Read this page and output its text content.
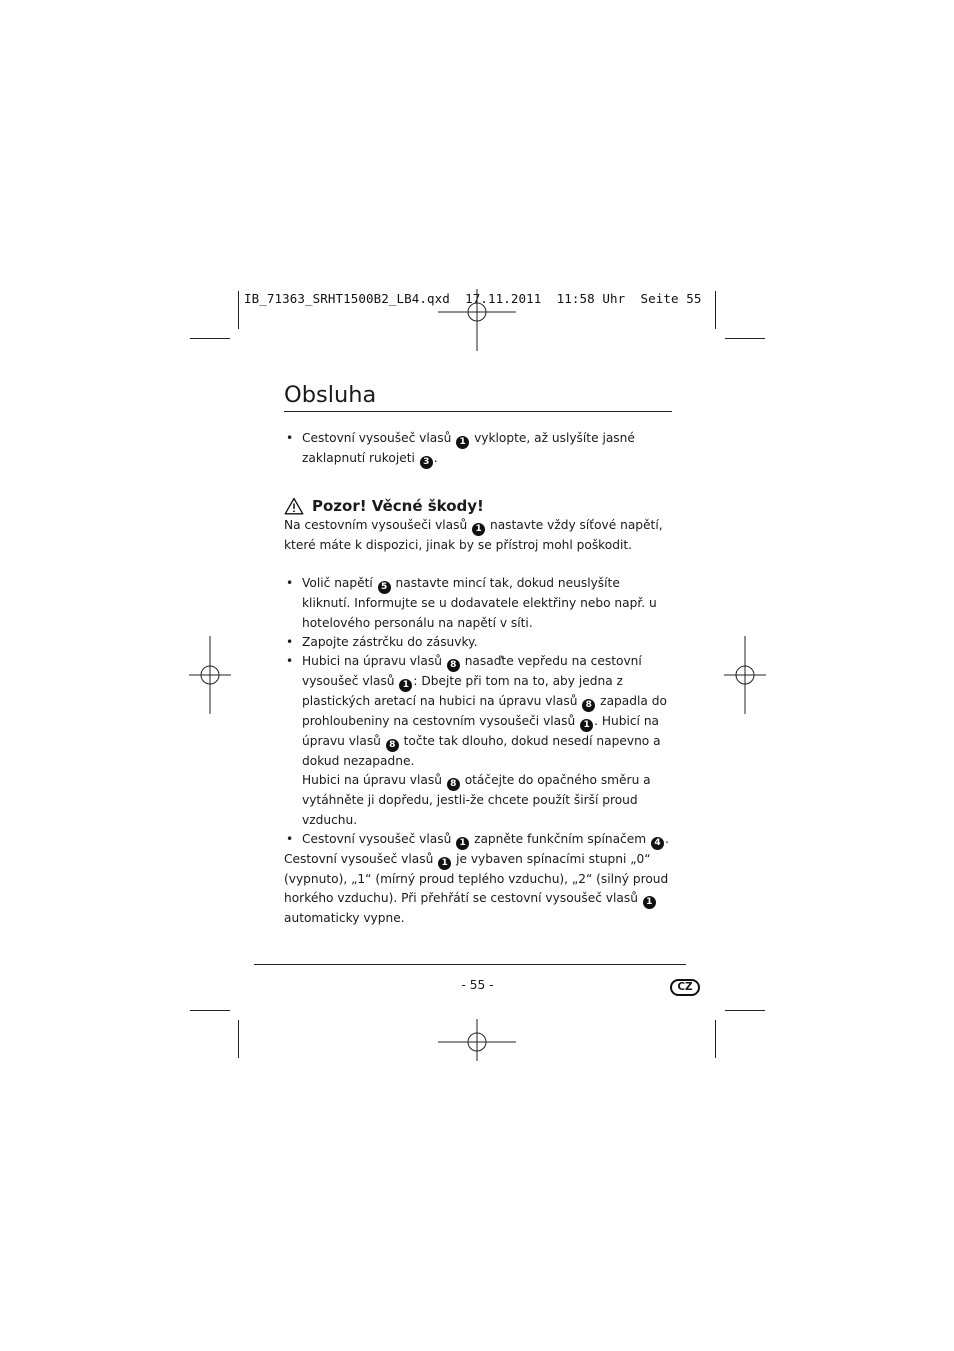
IB_71363_SRHT1500B2_LB4.qxd  17.11.2011  11:58 Uhr  Seite 55
Obsluha
• Cestovní vysoušeč vlasů 1 vyklopte, až uslyšíte jasné zaklapnutí rukojeti 3 .
Pozor! Věcné škody!

Na cestovním vysoušeči vlasů 1 nastavte vždy síťové napětí, které máte k dispozici, jinak by se přístroj mohl poškodit.

• Volič napětí 5 nastavte mincí tak, dokud neuslyšíte kliknutí. Informujte se u dodavatele elektřiny nebo např. u hotelového personálu na napětí v síti.
• Zapojte zástrčku do zásuvky.
• Hubici na úpravu vlasů 8 nasaďte vepředu na cestovní vysoušeč vlasů 1 : Dbejte při tom na to, aby jedna z plastických aretací na hubici na úpravu vlasů 8 zapadla do prohloubeniny na cestovním vysoušeči vlasů 1 . Hubicí na úpravu vlasů 8 točte tak dlouho, dokud nesedí napevno a dokud nezapadne.
Hubici na úpravu vlasů 8 otáčejte do opačného směru a vytáhněte ji dopředu, jestli-že chcete použít širší proud vzduchu.
• Cestovní vysoušeč vlasů 1 zapněte funkčním spínačem 4 .

Cestovní vysoušeč vlasů 1 je vybaven spínacími stupni „0“ (vypnuto), „1“ (mírný proud teplého vzduchu), „2“ (silný proud horkého vzduchu). Při přehřátí se cestovní vysoušeč vlasů 1 automaticky vypne.

- 55 -	CZ
